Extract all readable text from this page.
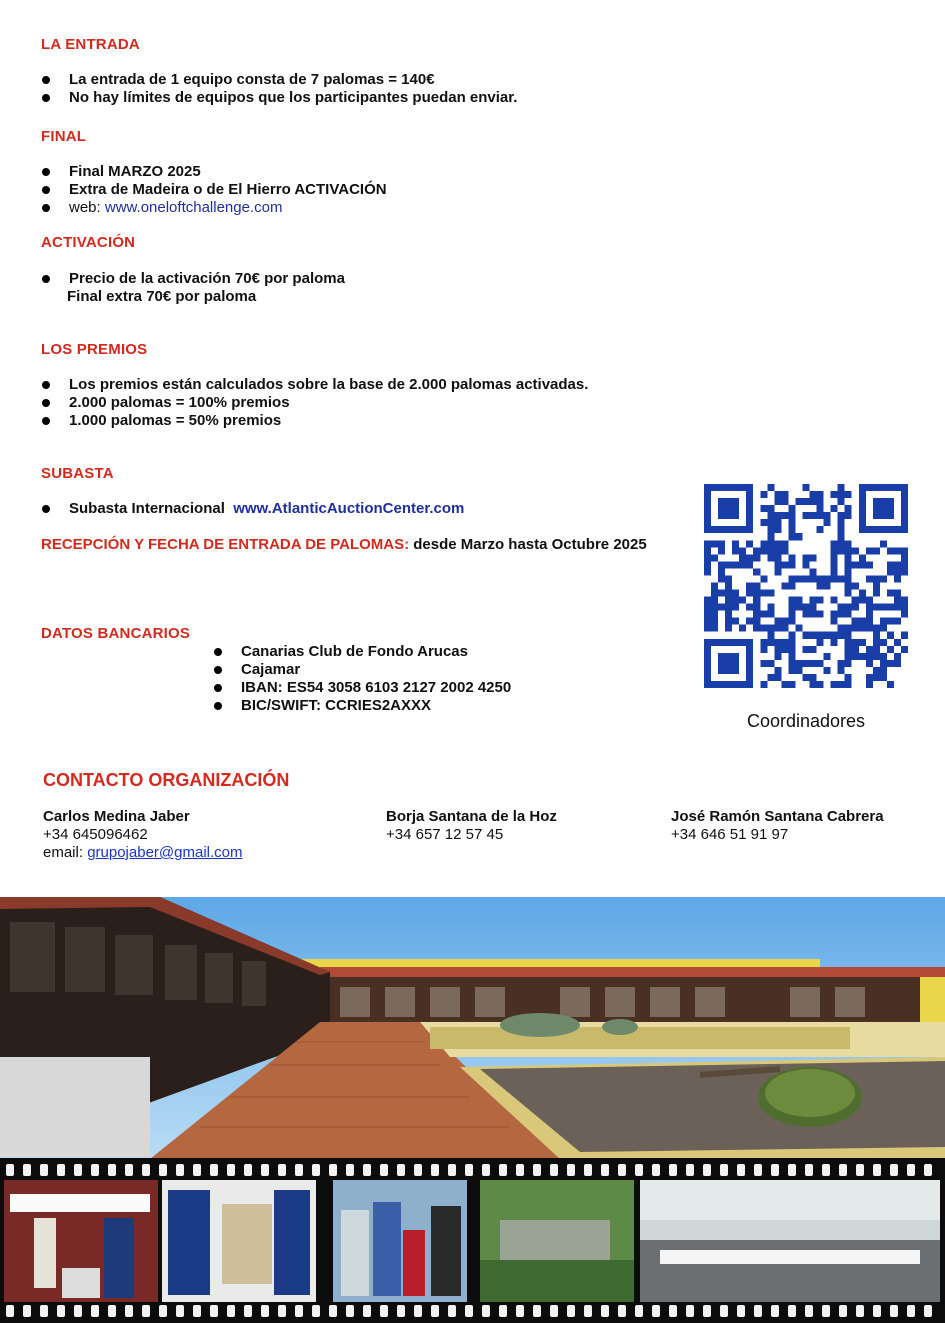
LA ENTRADA
La entrada de 1 equipo consta de 7 palomas = 140€
No hay límites de equipos que los participantes puedan enviar.
FINAL
Final MARZO 2025
Extra de Madeira o de El Hierro ACTIVACIÓN
web: www.oneloftchallenge.com
ACTIVACIÓN
Precio de la activación 70€ por paloma
Final extra 70€ por paloma
LOS PREMIOS
Los premios están calculados sobre la base de 2.000 palomas activadas.
2.000 palomas = 100% premios
1.000 palomas = 50% premios
SUBASTA
Subasta Internacional www.AtlanticAuctionCenter.com
RECEPCIÓN Y FECHA DE ENTRADA DE PALOMAS: desde Marzo hasta Octubre 2025
DATOS BANCARIOS
Canarias Club de Fondo Arucas
Cajamar
IBAN: ES54 3058 6103 2127 2002 4250
BIC/SWIFT: CCRIES2AXXX
Coordinadores
CONTACTO ORGANIZACIÓN
Carlos Medina Jaber
+34 645096462
email: grupojaber@gmail.com
Borja Santana de la Hoz
+34 657 12 57 45
José Ramón Santana Cabrera
+34 646 51 91 97
